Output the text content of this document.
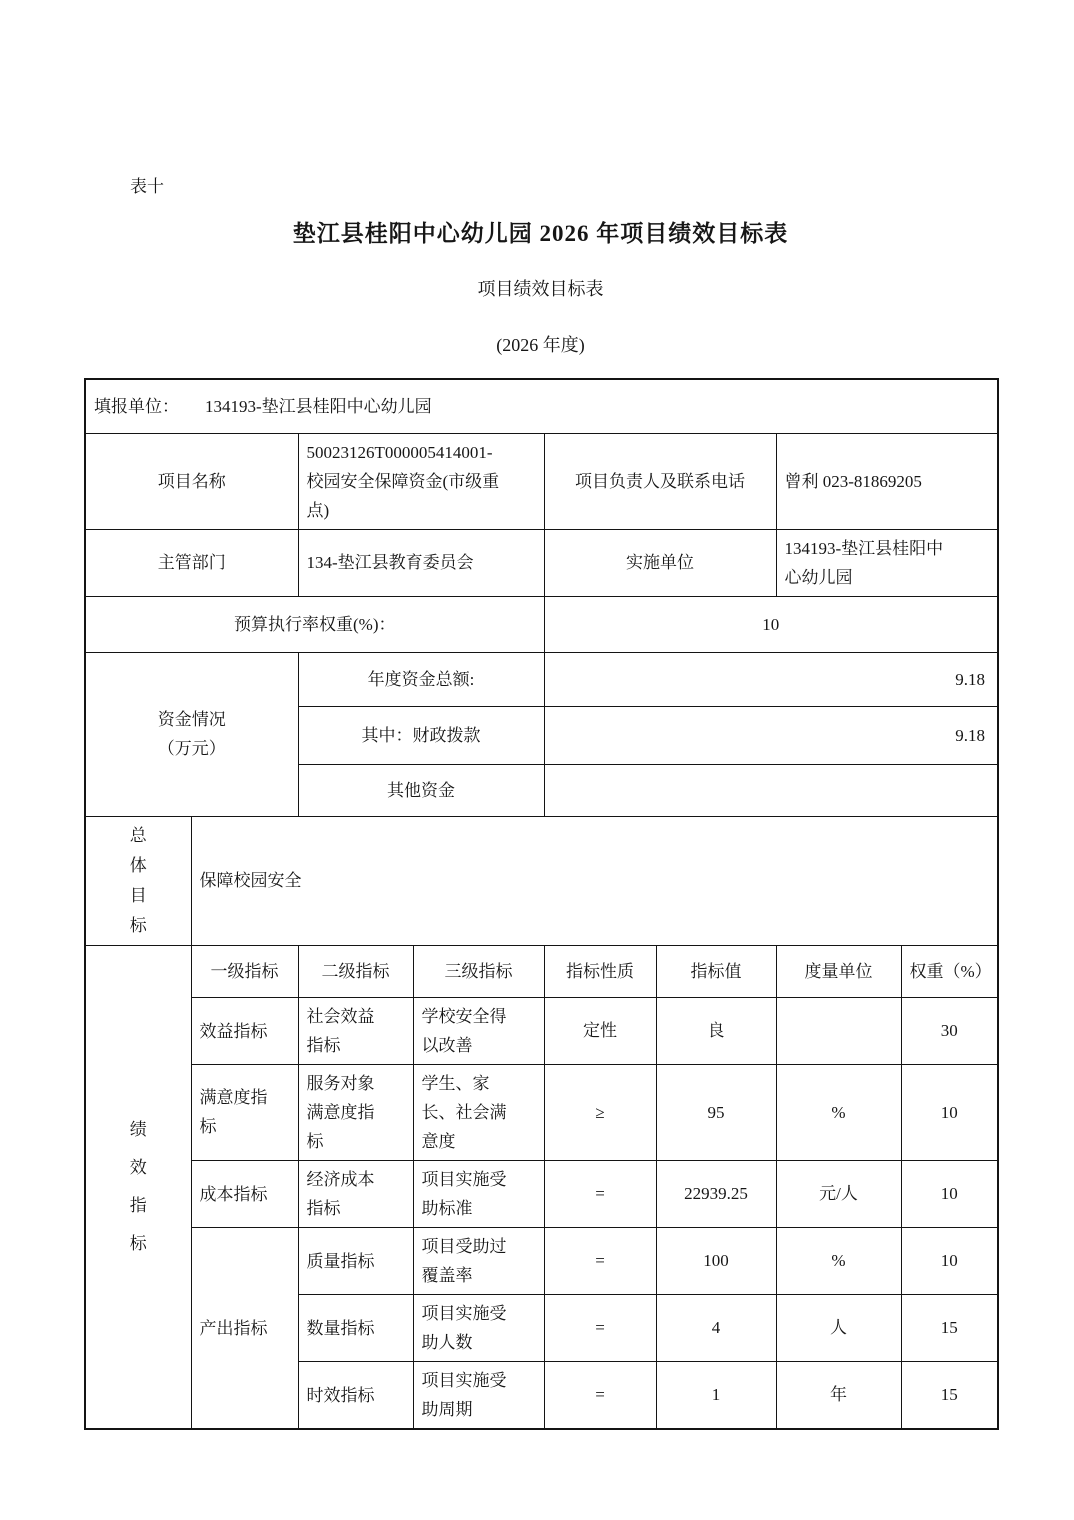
表十
垫江县桂阳中心幼儿园 2026 年项目绩效目标表
项目绩效目标表
(2026 年度)
填报单位： 134193-垫江县桂阳中心幼儿园							
项目名称		50023126T000005414001-校园安全保障资金(市级重点)		项目负责人及联系电话		曾利 023-81869205	
主管部门		134-垫江县教育委员会		实施单位		134193-垫江县桂阳中心幼儿园	
预算执行率权重(%)：				10			

资金情况
（万元）		年度资金总额:		9.18			
		其中：财政拨款		9.18			
		其他资金					

总体目标	保障校园安全						

绩效指标	一级指标	二级指标	三级指标	指标性质	指标值	度量单位	权重（%）
	效益指标	社会效益指标	学校安全得以改善	定性	良		30
	满意度指标	服务对象满意度指标	学生、家长、社会满意度	≥	95	%	10
	成本指标	经济成本指标	项目实施受助标准	=	22939.25	元/人	10
	产出指标	质量指标	项目受助过覆盖率	=	100	%	10
		数量指标	项目实施受助人数	=	4	人	15
		时效指标	项目实施受助周期	=	1	年	15
